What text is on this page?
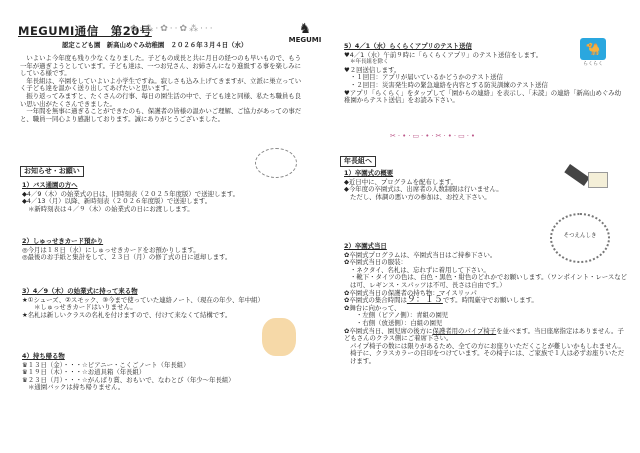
MEGUMI通信　第20号
✿·⁂·✿··✿⁂···	♞
MEGUMI
認定こども園　新高山めぐみ幼稚園　２０２６年３月４日（水）

いよいよ今年度も残り少なくなりました。子どもの成長と共に月日の経つのも早いもので、もう一年が過ぎようとしています。子ども達は、一つお兄さん、お姉さんになり進級する事を楽しみにしている様です。

年長組は、卒園をしていよいよ小学生ですね。寂しさも込み上げてきますが、立派に巣立っていく子ども達を温かく送り出してあげたいと思います。

振り返ってみますと、たくさんの行事、毎日の園生活の中で、子ども達と同様、私たち職員も良い思い出がたくさんできました。

一年間を無事に過ぎることができたのも、保護者の皆様の温かいご理解、ご協力があっての事だと、職員一同心より感謝しております。誠にありがとうございました。

お知らせ・お願い
1）バス通園の方へ
◆4／9（木）の始業式の日は、旧時刻表（２０２５年度版）で送迎します。
◆4／13（月）以降、新時刻表（２０２６年度版）で送迎します。
＊新時刻表は４／９（木）の始業式の日にお渡しします。
2）しゅっせきカード預かり
◎今月は１８日（水）にしゅっせきカードをお預かりします。
◎最後のお手紙と集計をして、２３日（月）の修了式の日に返却します。
3）4／9（木）の始業式に持って来る物
★①シューズ、②スモック、③今まで使っていた連絡ノート、（現在の年少、年中組）
＊しゅっせきカードはいりません。
★名札は新しいクラスの名札を付けますので、付けて来なくて結構です。
4）持ち帰る物
♛１３日（金）・・・☆ピアニー・こくごノート（年長組）
♛１９日（木）・・・☆お道具箱（年長組）
♛２３日（月）・・・☆がんばり賞、おもいで、なわとび（年少～年長組）
＊通園バックは持ち帰りません。
5）4／1（水）らくらくアプリのテスト送信
♥4／1（水）午前９時に「らくらくアプリ」のテスト送信をします。
＊年長組を除く
♥２回送信します。
・１回目：アプリが届いているかどうかのテスト送信
・２回目：災害発生時の緊急連絡を内容とする防災訓練のテスト送信
♥アプリ「らくらく」をタップして「園からの連絡」を表示し、「未読」の連絡「新高山めぐみ幼稚園からテスト送信」をお読み下さい。
🐪
らくらく
✂·•·▭·•·✂·•·▭·•
年長組へ
1）卒園式の概要
◆近日中に、プログラムを配布します。
◆今年度の卒園式は、出席者の人数制限は行いません。
ただし、体調の悪い方の参加は、お控え下さい。
そつえんしき
2）卒園式当日
✿卒園式プログラムは、卒園式当日はご持参下さい。
✿卒園式当日の服装：
・ネクタイ、名札は、忘れずに着用して下さい。
・靴下・タイツの色は、白色・黒色・紺色のどれかでお願いします。（ワンポイント・レースなどは可、レギンス・スパッツは不可、長さは自由です。）
✿卒園式当日の保護者の持ち物：マイスリッパ
✿卒園式の集合時間は９：１５です。時間厳守でお願いします。
✿舞台に向かって、
・左側（ピアノ側）：青組の園児
・右側（放送側）：白組の園児
✿卒園式当日、園児席の後方に保護者用のパイプ椅子を並べます。当日座席指定はありません。子どもさんのクラス側にご着席下さい。
パイプ椅子の数には限りがあるため、全ての方にお座りいただくことが難しいかもしれません。椅子に、クラスカラーの目印をつけています。その椅子には、ご家族で１人は必ずお座りいただけます。
